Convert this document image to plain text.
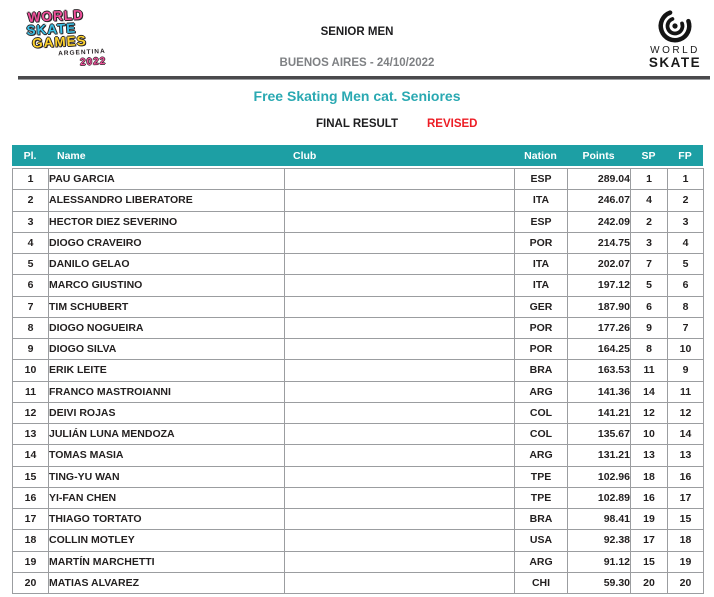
WORLD
SKATE
GAMES
ARGENTINA
2022
SENIOR MEN
BUENOS AIRES - 24/10/2022
WORLD
SKATE
Free Skating Men cat. Seniores
FINAL RESULT	REVISED
Pl.	Name	Club	Nation	Points	SP	FP
1	PAU GARCIA		ESP	289.04	1	1
2	ALESSANDRO LIBERATORE		ITA	246.07	4	2
3	HECTOR DIEZ SEVERINO		ESP	242.09	2	3
4	DIOGO CRAVEIRO		POR	214.75	3	4
5	DANILO GELAO		ITA	202.07	7	5
6	MARCO GIUSTINO		ITA	197.12	5	6
7	TIM SCHUBERT		GER	187.90	6	8
8	DIOGO NOGUEIRA		POR	177.26	9	7
9	DIOGO SILVA		POR	164.25	8	10
10	ERIK LEITE		BRA	163.53	11	9
11	FRANCO MASTROIANNI		ARG	141.36	14	11
12	DEIVI ROJAS		COL	141.21	12	12
13	JULIÁN LUNA MENDOZA		COL	135.67	10	14
14	TOMAS MASIA		ARG	131.21	13	13
15	TING-YU WAN		TPE	102.96	18	16
16	YI-FAN CHEN		TPE	102.89	16	17
17	THIAGO TORTATO		BRA	98.41	19	15
18	COLLIN MOTLEY		USA	92.38	17	18
19	MARTÍN MARCHETTI		ARG	91.12	15	19
20	MATIAS ALVAREZ		CHI	59.30	20	20
